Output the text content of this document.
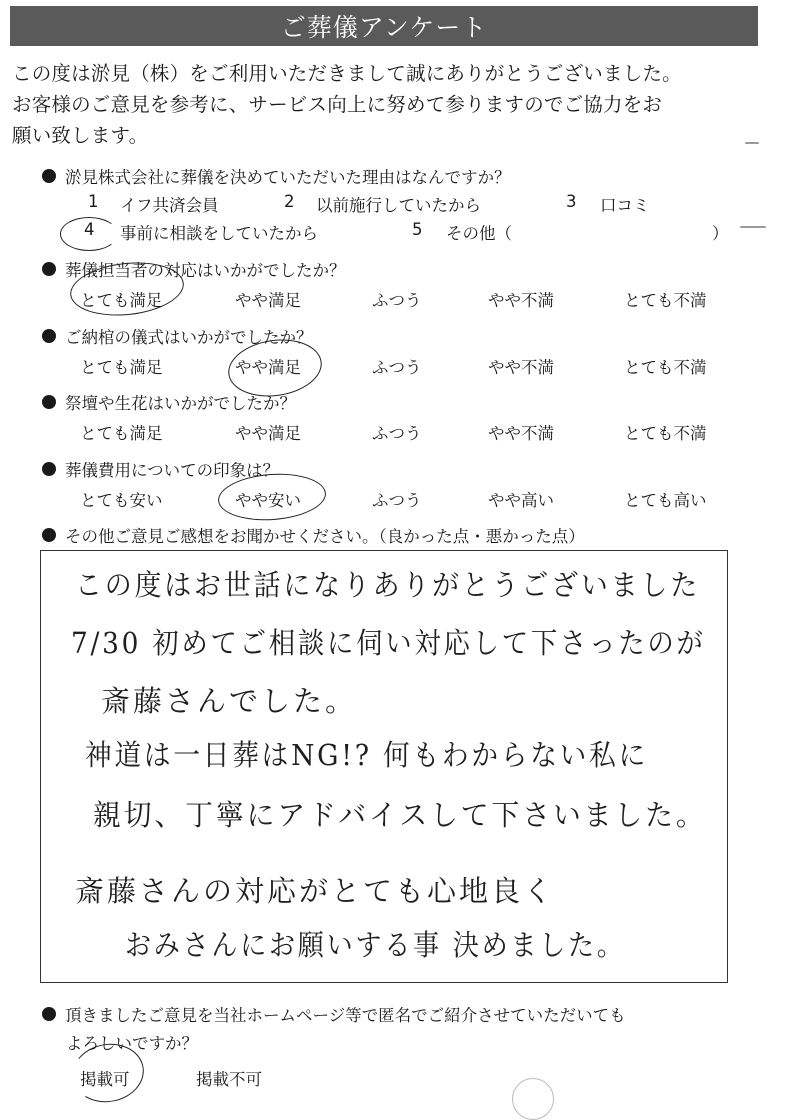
ご葬儀アンケート
この度は淤見（株）をご利用いただきまして誠にありがとうございました。
お客様のご意見を参考に、サービス向上に努めて参りますのでご協力をお
願い致します。
淤見株式会社に葬儀を決めていただいた理由はなんですか？
1 イフ共済会員	2 以前施行していたから	3 口コミ
4 事前に相談をしていたから	5 その他（	）
葬儀担当者の対応はいかがでしたか？
とても満足	やや満足	ふつう	やや不満	とても不満
ご納棺の儀式はいかがでしたか？
とても満足	やや満足	ふつう	やや不満	とても不満
祭壇や生花はいかがでしたか？
とても満足	やや満足	ふつう	やや不満	とても不満
葬儀費用についての印象は？
とても安い	やや安い	ふつう	やや高い	とても高い
その他ご意見ご感想をお聞かせください。（良かった点・悪かった点）
この度はお世話になりありがとうございました
7/30 初めてご相談に伺い対応して下さったのが
斎藤さんでした。
神道は一日葬はNG!? 何もわからない私に
親切、丁寧にアドバイスして下さいました。
斎藤さんの対応がとても心地良く
おみさんにお願いする事 決めました。
頂きましたご意見を当社ホームページ等で匿名でご紹介させていただいても
よろしいですか？
掲載可	掲載不可
